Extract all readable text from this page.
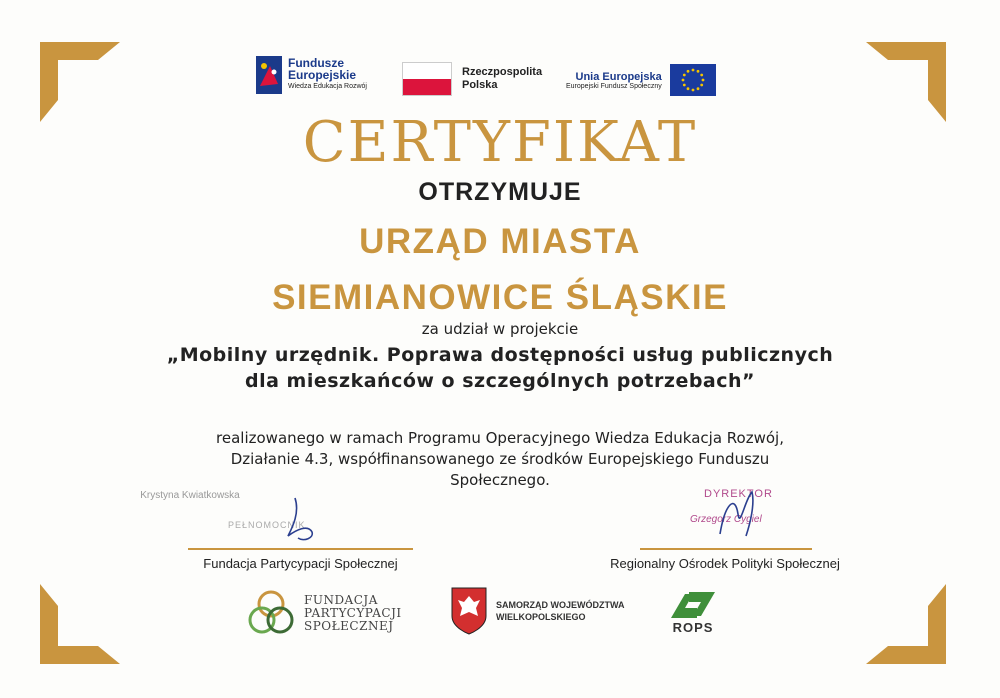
Fundusze
Europejskie
Wiedza Edukacja Rozwój
Rzeczpospolita
Polska
Unia Europejska
Europejski Fundusz Społeczny
CERTYFIKAT
OTRZYMUJE
URZĄD MIASTA
SIEMIANOWICE ŚLĄSKIE
za udział w projekcie
„Mobilny urzędnik. Poprawa dostępności usług publicznych
dla mieszkańców o szczególnych potrzebach”
realizowanego w ramach Programu Operacyjnego Wiedza Edukacja Rozwój,
Działanie 4.3, współfinansowanego ze środków Europejskiego Funduszu
Społecznego.
Krystyna Kwiatkowska
PEŁNOMOCNIK
Fundacja Partycypacji Społecznej
DYREKTOR
Grzegorz Cygiel
Regionalny Ośrodek Polityki Społecznej
FUNDACJA
PARTYCYPACJI
SPOŁECZNEJ
SAMORZĄD WOJEWÓDZTWA
WIELKOPOLSKIEGO
ROPS
